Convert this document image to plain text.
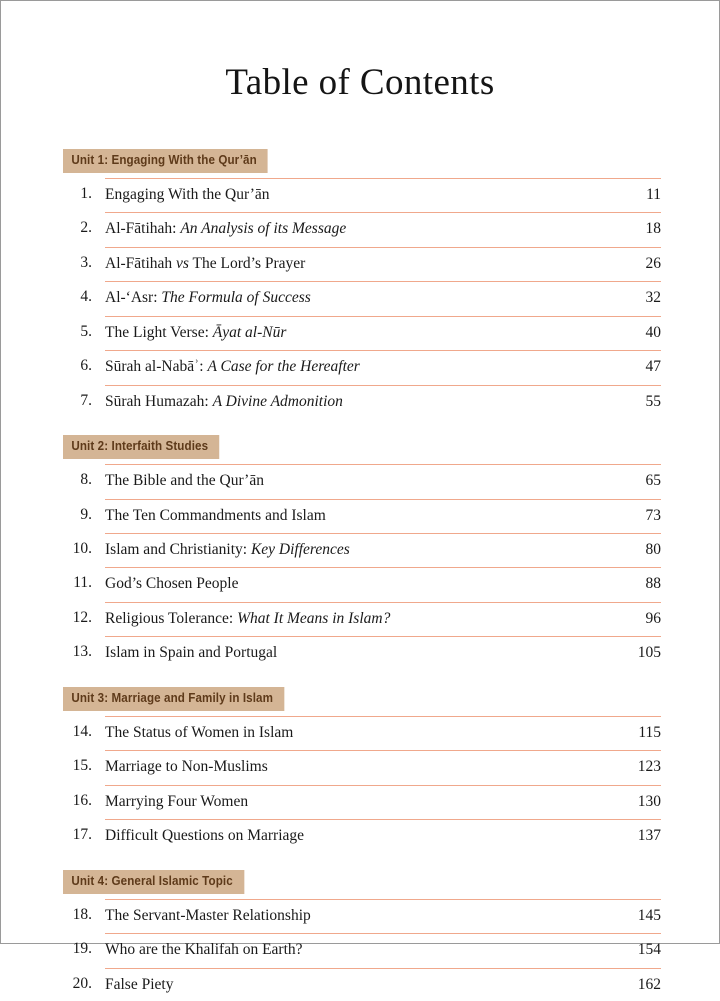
Table of Contents
Unit 1: Engaging With the Qur’ān
1. Engaging With the Qur’ān	11
2. Al-Fātihah: An Analysis of its Message	18
3. Al-Fātihah vs The Lord’s Prayer	26
4. Al-ʻAsr: The Formula of Success	32
5. The Light Verse: Āyat al-Nūr	40
6. Sūrah al-Nabāʾ: A Case for the Hereafter	47
7. Sūrah Humazah: A Divine Admonition	55
Unit 2: Interfaith Studies
8. The Bible and the Qur’ān	65
9. The Ten Commandments and Islam	73
10. Islam and Christianity: Key Differences	80
11. God’s Chosen People	88
12. Religious Tolerance: What It Means in Islam?	96
13. Islam in Spain and Portugal	105
Unit 3: Marriage and Family in Islam
14. The Status of Women in Islam	115
15. Marriage to Non-Muslims	123
16. Marrying Four Women	130
17. Difficult Questions on Marriage	137
Unit 4: General Islamic Topic
18. The Servant-Master Relationship	145
19. Who are the Khalifah on Earth?	154
20. False Piety	162
